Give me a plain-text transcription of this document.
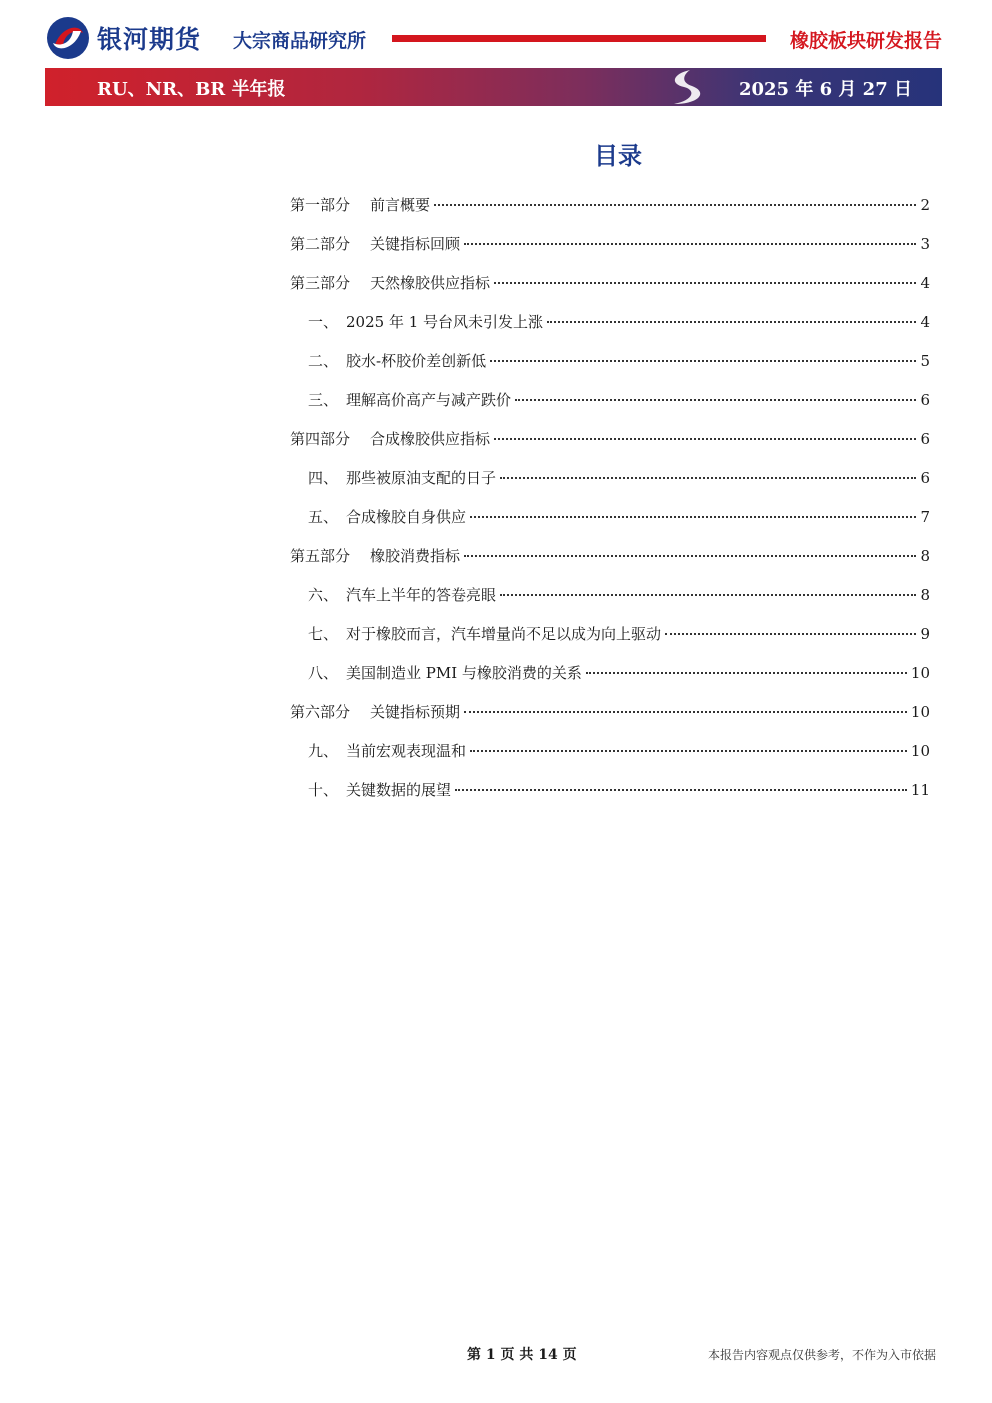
银河期货 大宗商品研究所	橡胶板块研发报告
RU、NR、BR 半年报	2025 年 6 月 27 日
目录
第一部分 前言概要	2
第二部分 关键指标回顾	3
第三部分 天然橡胶供应指标	4
一、 2025 年 1 号台风未引发上涨	4
二、 胶水-杯胶价差创新低	5
三、 理解高价高产与减产跌价	6
第四部分 合成橡胶供应指标	6
四、 那些被原油支配的日子	6
五、 合成橡胶自身供应	7
第五部分 橡胶消费指标	8
六、 汽车上半年的答卷亮眼	8
七、 对于橡胶而言，汽车增量尚不足以成为向上驱动	9
八、 美国制造业 PMI 与橡胶消费的关系	10
第六部分 关键指标预期	10
九、 当前宏观表现温和	10
十、 关键数据的展望	11
第 1 页 共 14 页	本报告内容观点仅供参考，不作为入市依据
